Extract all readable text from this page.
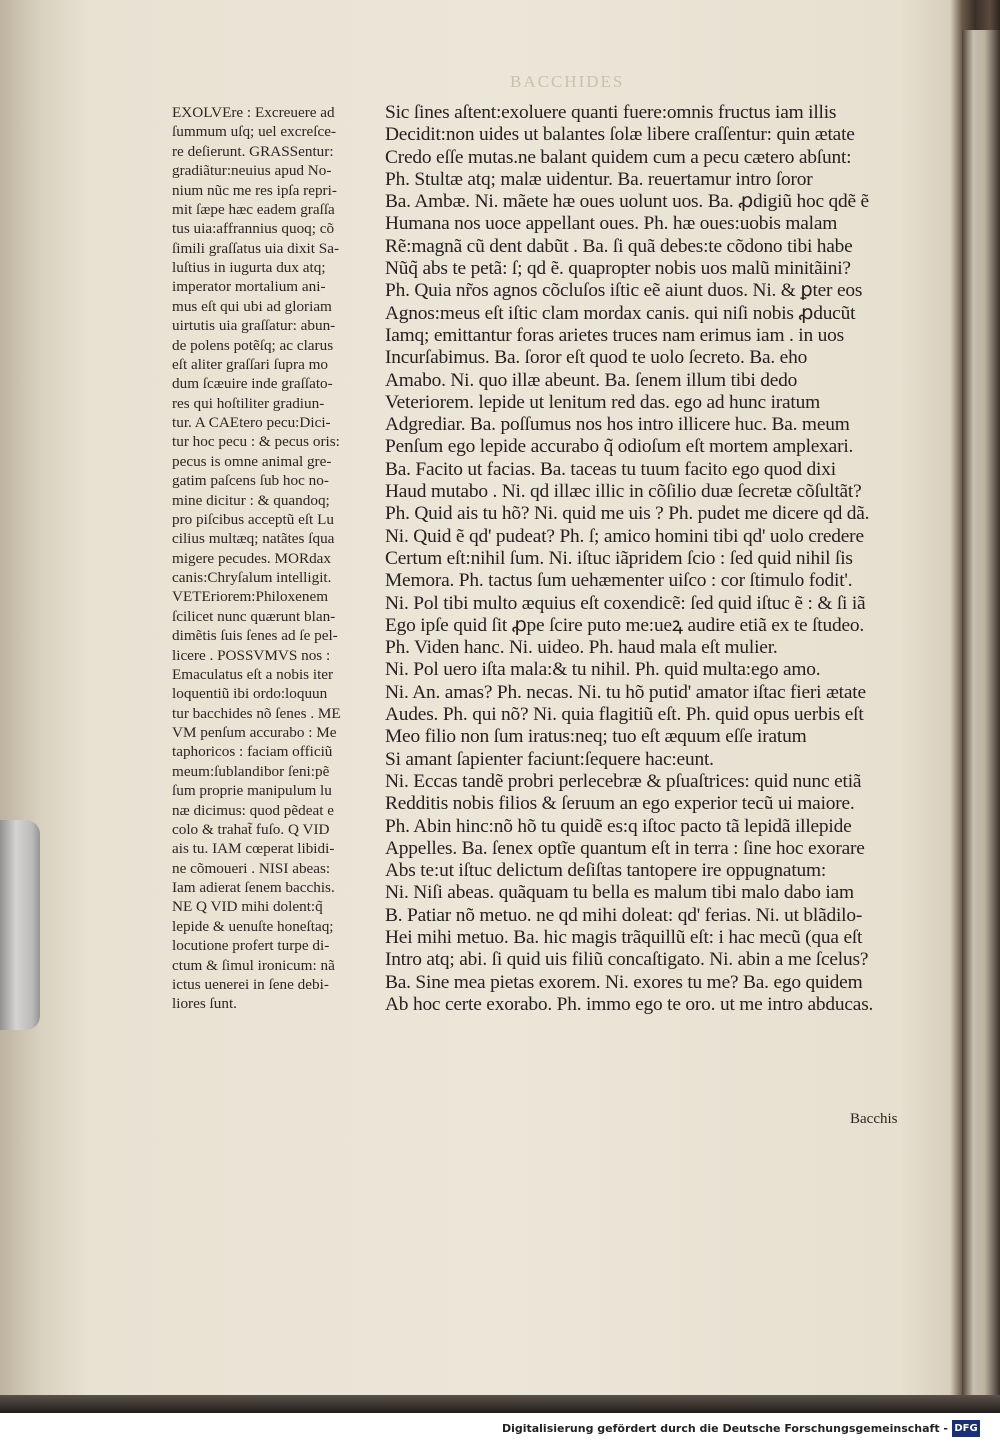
BACCHIDES
EXOLVEre : Excreuere ad
ſummum uſq; uel excreſce-
re deſierunt. GRASSentur:
gradiãtur:neuius apud No-
nium nũc me res ipſa repri-
mit ſæpe hæc eadem graſſa
tus uia:affrannius quoq; cõ
ſimili graſſatus uia dixit Sa-
luſtius in iugurta dux atq;
imperator mortalium ani-
mus eſt qui ubi ad gloriam
uirtutis uia graſſatur: abun-
de polens potẽſq; ac clarus
eſt aliter graſſari ſupra mo
dum ſcæuire inde graſſato-
res qui hoſtiliter gradiun-
tur. A CAEtero pecu:Dici-
tur hoc pecu : & pecus oris:
pecus is omne animal gre-
gatim paſcens ſub hoc no-
mine dicitur : & quandoq;
pro piſcibus acceptũ eſt Lu
cilius multæq; natãtes ſqua
migere pecudes. MORdax
canis:Chryſalum intelligit.
VETEriorem:Philoxenem
ſcilicet nunc quærunt blan-
dimẽtis ſuis ſenes ad ſe pel-
licere . POSSVMVS nos :
Emaculatus eſt a nobis iter
loquentiũ ibi ordo:loquun
tur bacchides nõ ſenes . ME
VM penſum accurabo : Me
taphoricos : faciam officiũ
meum:ſublandibor ſeni:pẽ
ſum proprie manipulum lu
næ dicimus: quod pẽdeat e
colo & trahat̃ fuſo. Q VID
ais tu. IAM cœperat libidi-
ne cõmoueri . NISI abeas:
Iam adierat ſenem bacchis.
NE Q VID mihi dolent:q̃
lepide & uenuſte honeſtaq;
locutione profert turpe di-
ctum & ſimul ironicum: nã
ictus uenerei in ſene debi-
liores ſunt.
Sic ſines aſtent:exoluere quanti fuere:omnis fructus iam illis
Decidit:non uides ut balantes ſolæ libere craſſentur: quin ætate
Credo eſſe mutas.ne balant quidem cum a pecu cætero abſunt:
Ph. Stultæ atq; malæ uidentur. Ba. reuertamur intro ſoror
Ba. Ambæ. Ni. mãete hæ oues uolunt uos. Ba. ꝓdigiũ hoc qdẽ ẽ
Humana nos uoce appellant oues. Ph. hæ oues:uobis malam
Rẽ:magnã cũ dent dabũt . Ba. ſi quã debes:te cõdono tibi habe
Nũq̃ abs te petã: ſ; qd ẽ. quapropter nobis uos malũ minitãini?
Ph. Quia nr̃os agnos cõcluſos iſtic eẽ aiunt duos. Ni. & ꝑter eos
Agnos:meus eſt iſtic clam mordax canis. qui niſi nobis ꝓducũt
Iamq; emittantur foras arietes truces nam erimus iam . in uos
Incurſabimus. Ba. ſoror eſt quod te uolo ſecreto. Ba. eho
Amabo. Ni. quo illæ abeunt. Ba. ſenem illum tibi dedo
Veteriorem. lepide ut lenitum red das. ego ad hunc iratum
Adgrediar. Ba. poſſumus nos hos intro illicere huc. Ba. meum
Penſum ego lepide accurabo q̃ odioſum eſt mortem amplexari.
Ba. Facito ut facias. Ba. taceas tu tuum facito ego quod dixi
Haud mutabo . Ni. qd illæc illic in cõſilio duæ ſecretæ cõſultãt?
Ph. Quid ais tu hõ? Ni. quid me uis ? Ph. pudet me dicere qd dã.
Ni. Quid ẽ qd' pudeat? Ph. ſ; amico homini tibi qd' uolo credere
Certum eſt:nihil ſum. Ni. iſtuc iãpridem ſcio : ſed quid nihil ſis
Memora. Ph. tactus ſum uehæmenter uiſco : cor ſtimulo fodit'.
Ni. Pol tibi multo æquius eſt coxendicẽ: ſed quid iſtuc ẽ : & ſi iã
Ego ipſe quid ſit ꝓpe ſcire puto me:ueꝝ audire etiã ex te ſtudeo.
Ph. Viden hanc. Ni. uideo. Ph. haud mala eſt mulier.
Ni. Pol uero iſta mala:& tu nihil. Ph. quid multa:ego amo.
Ni. An. amas? Ph. necas. Ni. tu hõ putid' amator iſtac fieri ætate
Audes. Ph. qui nõ? Ni. quia flagitiũ eſt. Ph. quid opus uerbis eſt
Meo filio non ſum iratus:neq; tuo eſt æquum eſſe iratum
Si amant ſapienter faciunt:ſequere hac:eunt.
Ni. Eccas tandẽ probri perlecebræ & pſuaſtrices: quid nunc etiã
Redditis nobis filios & ſeruum an ego experior tecũ ui maiore.
Ph. Abin hinc:nõ hõ tu quidẽ es:q iſtoc pacto tã lepidã illepide
Appelles. Ba. ſenex optĩe quantum eſt in terra : ſine hoc exorare
Abs te:ut iſtuc delictum deſiſtas tantopere ire oppugnatum:
Ni. Niſi abeas. quãquam tu bella es malum tibi malo dabo iam
B. Patiar nõ metuo. ne qd mihi doleat: qd' ferias. Ni. ut blãdilo-
Hei mihi metuo. Ba. hic magis trãquillũ eſt: i hac mecũ (qua eſt
Intro atq; abi. ſi quid uis filiũ concaſtigato. Ni. abin a me ſcelus?
Ba. Sine mea pietas exorem. Ni. exores tu me? Ba. ego quidem
Ab hoc certe exorabo. Ph. immo ego te oro. ut me intro abducas.
Bacchis
Digitalisierung gefördert durch die Deutsche Forschungsgemeinschaft - DFG
